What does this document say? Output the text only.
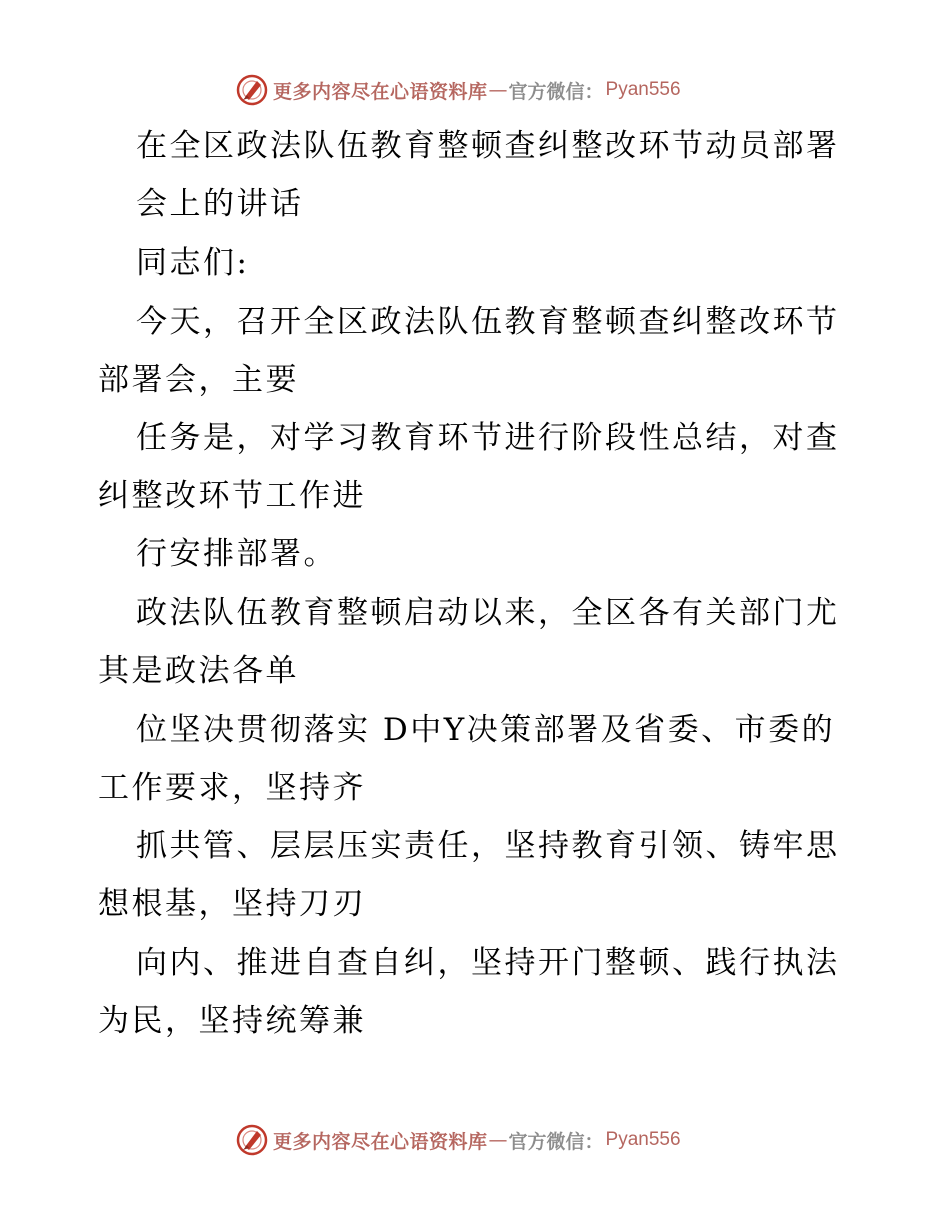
更多内容尽在心语资料库 — 官方微信： Pyan556
在全区政法队伍教育整顿查纠整改环节动员部署
会上的讲话
同志们:
今天，召开全区政法队伍教育整顿查纠整改环节
部署会，主要
任务是，对学习教育环节进行阶段性总结，对查
纠整改环节工作进
行安排部署。
政法队伍教育整顿启动以来，全区各有关部门尤
其是政法各单
位坚决贯彻落实 D中Y决策部署及省委、市委的
工作要求，坚持齐
抓共管、层层压实责任，坚持教育引领、铸牢思
想根基，坚持刀刃
向内、推进自查自纠，坚持开门整顿、践行执法
为民，坚持统筹兼
更多内容尽在心语资料库 — 官方微信： Pyan556
